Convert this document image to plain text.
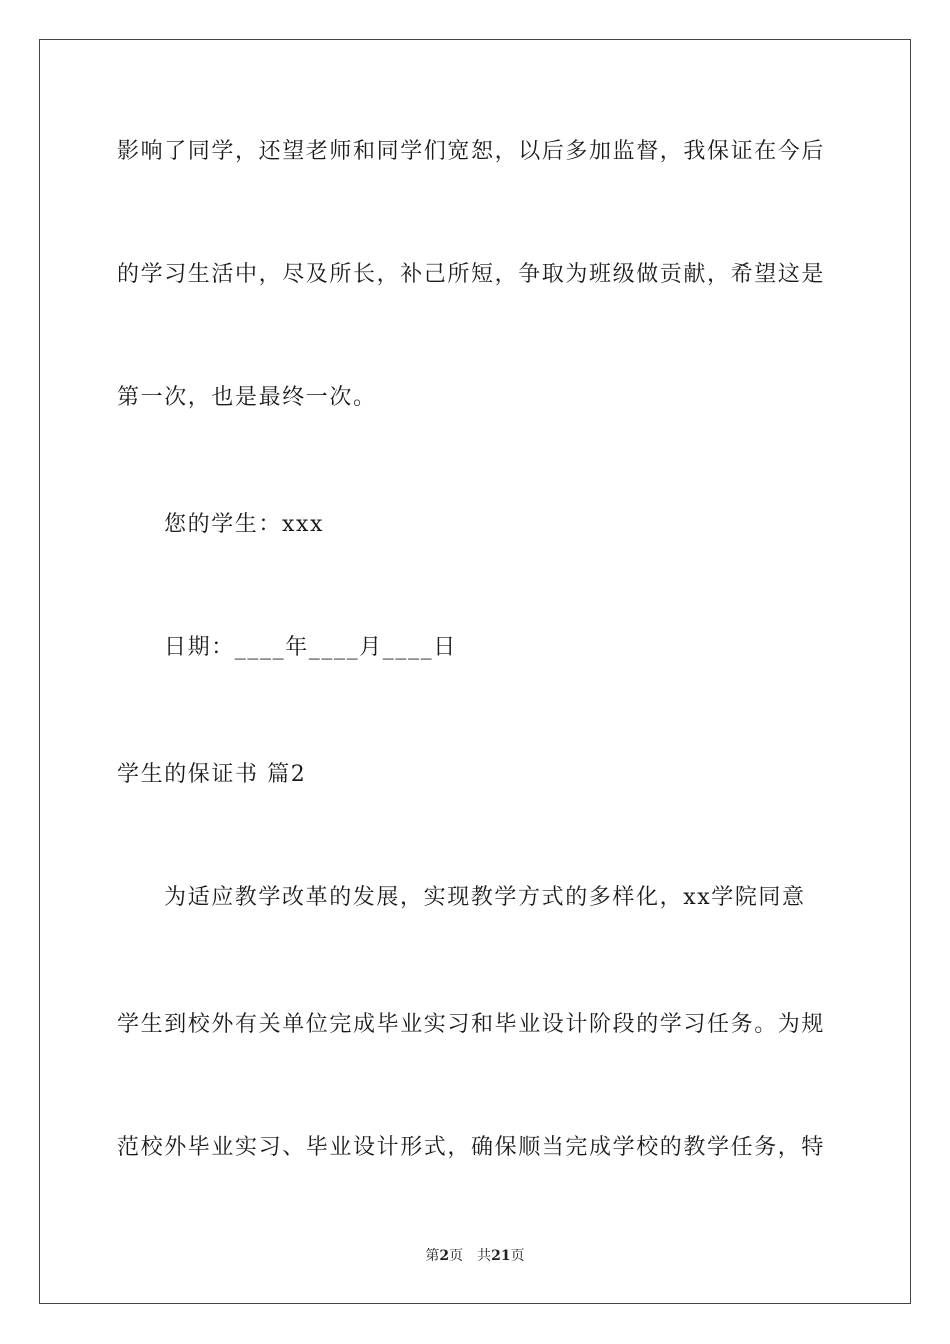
影响了同学，还望老师和同学们宽恕，以后多加监督，我保证在今后
的学习生活中，尽及所长，补己所短，争取为班级做贡献，希望这是
第一次，也是最终一次。
您的学生：xxx
日期：____年____月____日
学生的保证书 篇2
为适应教学改革的发展，实现教学方式的多样化，xx学院同意
学生到校外有关单位完成毕业实习和毕业设计阶段的学习任务。为规
范校外毕业实习、毕业设计形式，确保顺当完成学校的教学任务，特
第2页 共21页
